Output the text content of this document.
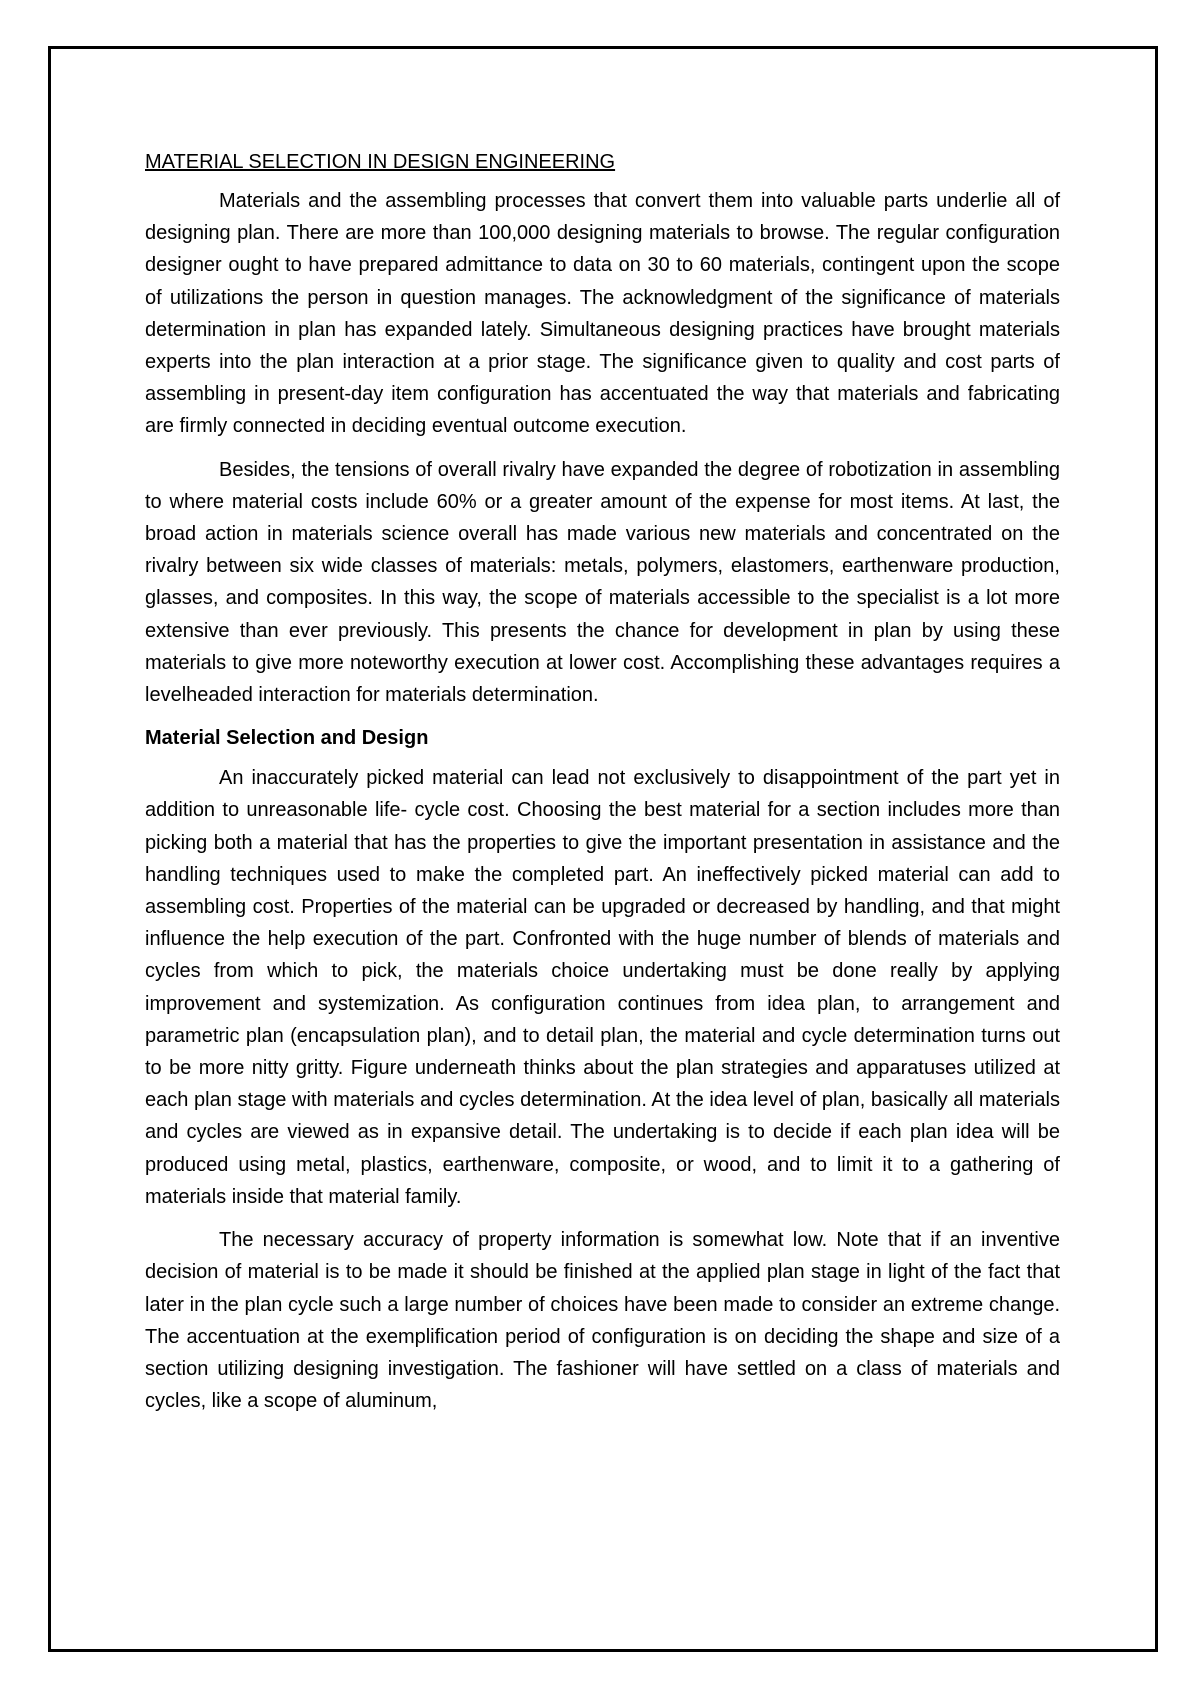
MATERIAL SELECTION IN DESIGN ENGINEERING

Materials and the assembling processes that convert them into valuable parts underlie all of designing plan. There are more than 100,000 designing materials to browse. The regular configuration designer ought to have prepared admittance to data on 30 to 60 materials, contingent upon the scope of utilizations the person in question manages. The acknowledgment of the significance of materials determination in plan has expanded lately. Simultaneous designing practices have brought materials experts into the plan interaction at a prior stage. The significance given to quality and cost parts of assembling in present-day item configuration has accentuated the way that materials and fabricating are firmly connected in deciding eventual outcome execution.

Besides, the tensions of overall rivalry have expanded the degree of robotization in assembling to where material costs include 60% or a greater amount of the expense for most items. At last, the broad action in materials science overall has made various new materials and concentrated on the rivalry between six wide classes of materials: metals, polymers, elastomers, earthenware production, glasses, and composites. In this way, the scope of materials accessible to the specialist is a lot more extensive than ever previously. This presents the chance for development in plan by using these materials to give more noteworthy execution at lower cost. Accomplishing these advantages requires a levelheaded interaction for materials determination.

Material Selection and Design

An inaccurately picked material can lead not exclusively to disappointment of the part yet in addition to unreasonable life- cycle cost. Choosing the best material for a section includes more than picking both a material that has the properties to give the important presentation in assistance and the handling techniques used to make the completed part. An ineffectively picked material can add to assembling cost. Properties of the material can be upgraded or decreased by handling, and that might influence the help execution of the part. Confronted with the huge number of blends of materials and cycles from which to pick, the materials choice undertaking must be done really by applying improvement and systemization. As configuration continues from idea plan, to arrangement and parametric plan (encapsulation plan), and to detail plan, the material and cycle determination turns out to be more nitty gritty. Figure underneath thinks about the plan strategies and apparatuses utilized at each plan stage with materials and cycles determination. At the idea level of plan, basically all materials and cycles are viewed as in expansive detail. The undertaking is to decide if each plan idea will be produced using metal, plastics, earthenware, composite, or wood, and to limit it to a gathering of materials inside that material family.

The necessary accuracy of property information is somewhat low. Note that if an inventive decision of material is to be made it should be finished at the applied plan stage in light of the fact that later in the plan cycle such a large number of choices have been made to consider an extreme change. The accentuation at the exemplification period of configuration is on deciding the shape and size of a section utilizing designing investigation. The fashioner will have settled on a class of materials and cycles, like a scope of aluminum,
